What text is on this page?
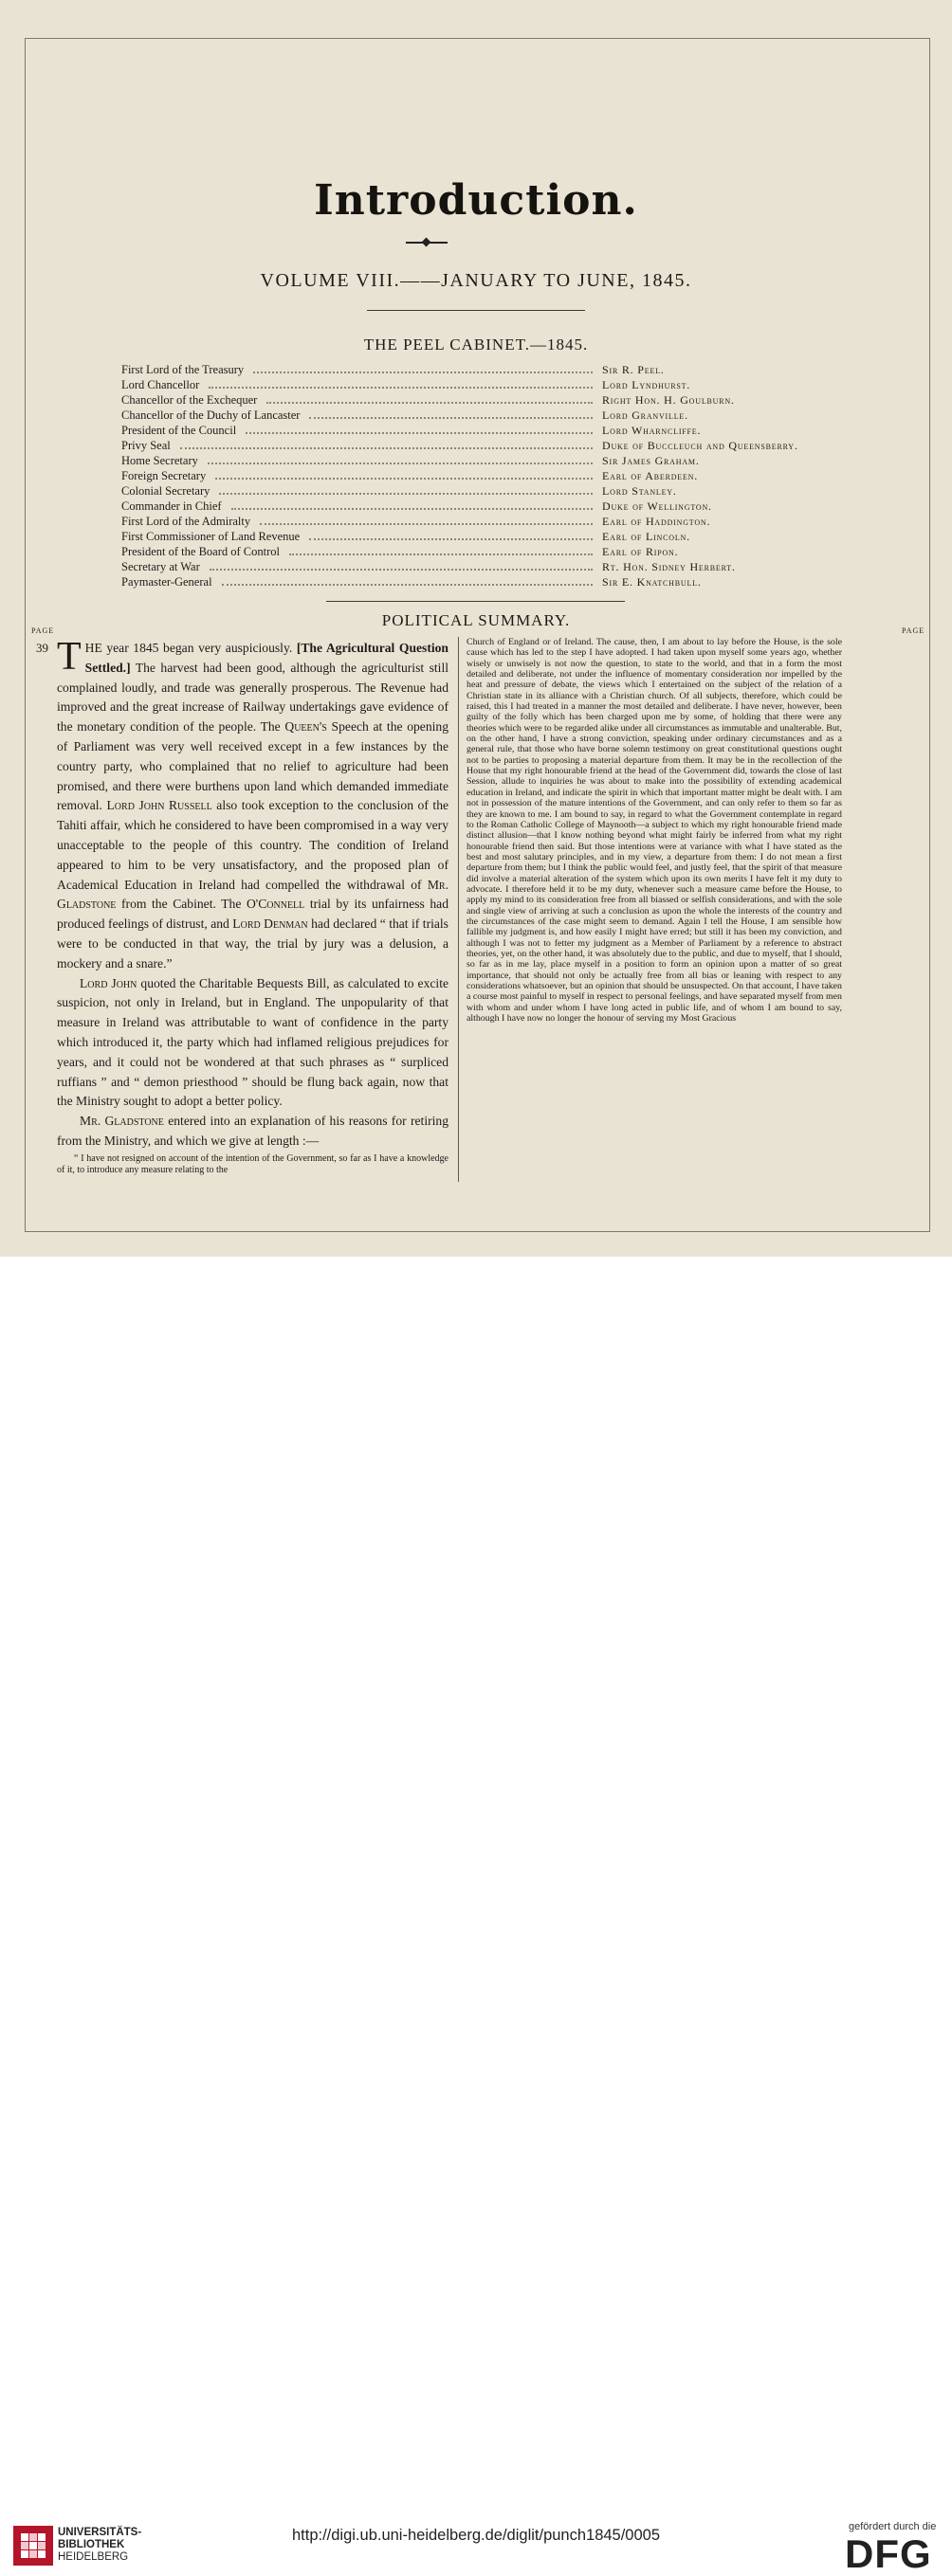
Introduction.
VOLUME VIII.——JANUARY TO JUNE, 1845.
THE PEEL CABINET.—1845.
First Lord of the Treasury	Sir R. Peel.
Lord Chancellor	Lord Lyndhurst.
Chancellor of the Exchequer	Right Hon. H. Goulburn.
Chancellor of the Duchy of Lancaster	Lord Granville.
President of the Council	Lord Wharncliffe.
Privy Seal	Duke of Buccleuch and Queensberry.
Home Secretary	Sir James Graham.
Foreign Secretary	Earl of Aberdeen.
Colonial Secretary	Lord Stanley.
Commander in Chief	Duke of Wellington.
First Lord of the Admiralty	Earl of Haddington.
First Commissioner of Land Revenue	Earl of Lincoln.
President of the Board of Control	Earl of Ripon.
Secretary at War	Rt. Hon. Sidney Herbert.
Paymaster-General	Sir E. Knatchbull.
POLITICAL SUMMARY.
PAGE	PAGE
39 THE year 1845 began very auspiciously. [The Agricultural Question Settled.] The harvest had been good, although the agriculturist still complained loudly, and trade was generally prosperous. The Revenue had improved and the great increase of Railway undertakings gave evidence of the monetary condition of the people. The Queen's Speech at the opening of Parliament was very well received except in a few instances by the country party, who complained that no relief to agriculture had been promised, and there were burthens upon land which demanded immediate removal. Lord John Russell also took exception to the conclusion of the Tahiti affair, which he considered to have been compromised in a way very unacceptable to the people of this country. The condition of Ireland appeared to him to be very unsatisfactory, and the proposed plan of Academical Education in Ireland had compelled the withdrawal of Mr. Gladstone from the Cabinet. The O'Connell trial by its unfairness had produced feelings of distrust, and Lord Denman had declared “ that if trials were to be conducted in that way, the trial by jury was a delusion, a mockery and a snare.”

Lord John quoted the Charitable Bequests Bill, as calculated to excite suspicion, not only in Ireland, but in England. The unpopularity of that measure in Ireland was attributable to want of confidence in the party which introduced it, the party which had inflamed religious prejudices for years, and it could not be wondered at that such phrases as “ surpliced ruffians ” and “ demon priesthood ” should be flung back again, now that the Ministry sought to adopt a better policy.

Mr. Gladstone entered into an explanation of his reasons for retiring from the Ministry, and which we give at length :—

“ I have not resigned on account of the intention of the Government, so far as I have a knowledge of it, to introduce any measure relating to the

Church of England or of Ireland. The cause, then, I am about to lay before the House, is the sole cause which has led to the step I have adopted. I had taken upon myself some years ago, whether wisely or unwisely is not now the question, to state to the world, and that in a form the most detailed and deliberate, not under the influence of momentary consideration nor impelled by the heat and pressure of debate, the views which I entertained on the subject of the relation of a Christian state in its alliance with a Christian church. Of all subjects, therefore, which could be raised, this I had treated in a manner the most detailed and deliberate. I have never, however, been guilty of the folly which has been charged upon me by some, of holding that there were any theories which were to be regarded alike under all circumstances as immutable and unalterable. But, on the other hand, I have a strong conviction, speaking under ordinary circumstances and as a general rule, that those who have borne solemn testimony on great constitutional questions ought not to be parties to proposing a material departure from them. It may be in the recollection of the House that my right honourable friend at the head of the Government did, towards the close of last Session, allude to inquiries he was about to make into the possibility of extending academical education in Ireland, and indicate the spirit in which that important matter might be dealt with. I am not in possession of the mature intentions of the Government, and can only refer to them so far as they are known to me. I am bound to say, in regard to what the Government contemplate in regard to the Roman Catholic College of Maynooth—a subject to which my right honourable friend made distinct allusion—that I know nothing beyond what might fairly be inferred from what my right honourable friend then said. But those intentions were at variance with what I have stated as the best and most salutary principles, and in my view, a departure from them: I do not mean a first departure from them; but I think the public would feel, and justly feel, that the spirit of that measure did involve a material alteration of the system which upon its own merits I have felt it my duty to advocate. I therefore held it to be my duty, whenever such a measure came before the House, to apply my mind to its consideration free from all biassed or selfish considerations, and with the sole and single view of arriving at such a conclusion as upon the whole the interests of the country and the circumstances of the case might seem to demand. Again I tell the House, I am sensible how fallible my judgment is, and how easily I might have erred; but still it has been my conviction, and although I was not to fetter my judgment as a Member of Parliament by a reference to abstract theories, yet, on the other hand, it was absolutely due to the public, and due to myself, that I should, so far as in me lay, place myself in a position to form an opinion upon a matter of so great importance, that should not only be actually free from all bias or leaning with respect to any considerations whatsoever, but an opinion that should be unsuspected. On that account, I have taken a course most painful to myself in respect to personal feelings, and have separated myself from men with whom and under whom I have long acted in public life, and of whom I am bound to say, although I have now no longer the honour of serving my Most Gracious

UNIVERSITÄTS-
BIBLIOTHEK
HEIDELBERG
http://digi.ub.uni-heidelberg.de/diglit/punch1845/0005	gefördert durch die
DFG
